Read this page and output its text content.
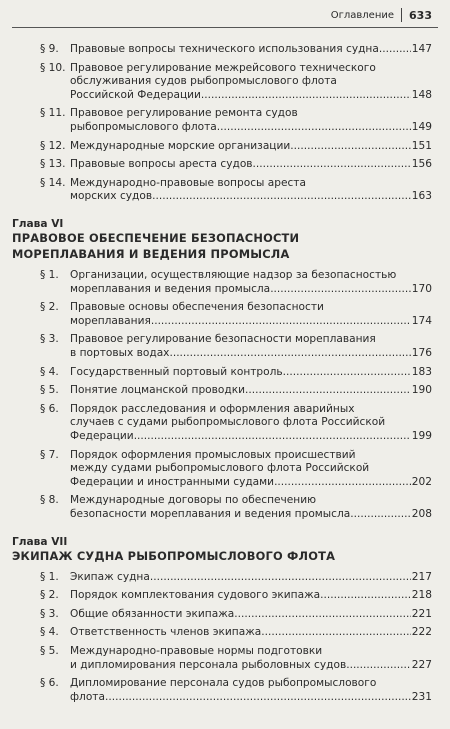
Оглавление 633
§ 9. Правовые вопросы технического использования судна .....	147
§ 10. Правовое регулирование межрейсового технического
обслуживания судов рыбопромыслового флота
Российской Федерации .....	148
§ 11. Правовое регулирование ремонта судов
рыбопромыслового флота .....	149
§ 12. Международные морские организации .....	151
§ 13. Правовые вопросы ареста судов .....	156
§ 14. Международно-правовые вопросы ареста
морских судов .....	163
Глава VI
ПРАВОВОЕ ОБЕСПЕЧЕНИЕ БЕЗОПАСНОСТИ
МОРЕПЛАВАНИЯ И ВЕДЕНИЯ ПРОМЫСЛА
§ 1. Организации, осуществляющие надзор за безопасностью
мореплавания и ведения промысла .....	170
§ 2. Правовые основы обеспечения безопасности
мореплавания .....	174
§ 3. Правовое регулирование безопасности мореплавания
в портовых водах .....	176
§ 4. Государственный портовый контроль .....	183
§ 5. Понятие лоцманской проводки .....	190
§ 6. Порядок расследования и оформления аварийных
случаев с судами рыбопромыслового флота Российской
Федерации .....	199
§ 7. Порядок оформления промысловых происшествий
между судами рыбопромыслового флота Российской
Федерации и иностранными судами .....	202
§ 8. Международные договоры по обеспечению
безопасности мореплавания и ведения промысла .....	208
Глава VII
ЭКИПАЖ СУДНА РЫБОПРОМЫСЛОВОГО ФЛОТА
§ 1. Экипаж судна .....	217
§ 2. Порядок комплектования судового экипажа .....	218
§ 3. Общие обязанности экипажа .....	221
§ 4. Ответственность членов экипажа .....	222
§ 5. Международно-правовые нормы подготовки
и дипломирования персонала рыболовных судов .....	227
§ 6. Дипломирование персонала судов рыбопромыслового
флота .....	231
